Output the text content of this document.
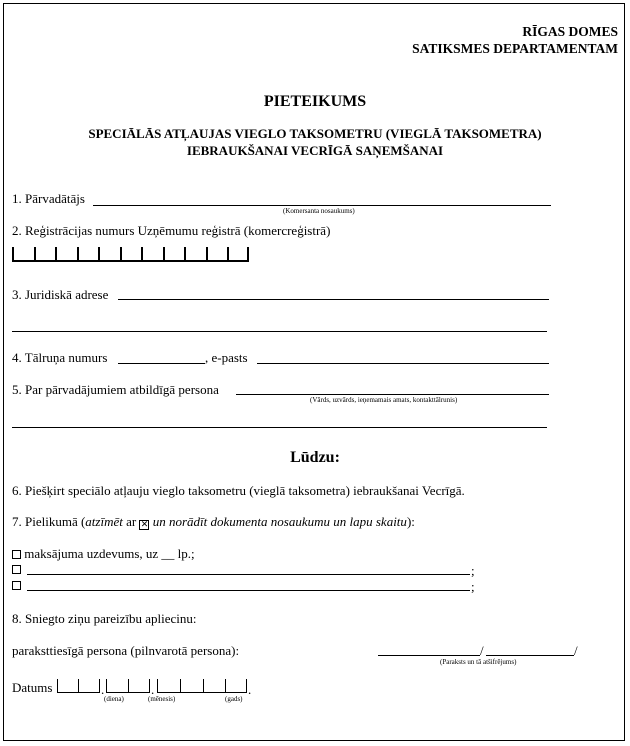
RĪGAS DOMES
SATIKSMES DEPARTAMENTAM
PIETEIKUMS
SPECIĀLĀS ATĻAUJAS VIEGLO TAKSOMETRU (VIEGLĀ TAKSOMETRA)
IEBRAUKŠANAI VECRĪGĀ SAŅEMŠANAI
1. Pārvadātājs
(Komersanta nosaukums)
2. Reģistrācijas numurs Uzņēmumu reģistrā (komercreģistrā)
3. Juridiskā adrese
4. Tālruņa numurs	, e-pasts
5. Par pārvadājumiem atbildīgā persona
(Vārds, uzvārds, ieņemamais amats, kontakttālrunis)
Lūdzu:
6. Piešķirt speciālo atļauju vieglo taksometru (vieglā taksometra) iebraukšanai Vecrīgā.
7. Pielikumā (atzīmēt ar ✕ un norādīt dokumenta nosaukumu un lapu skaitu):
maksājuma uzdevums, uz __ lp.;
;
;
8. Sniegto ziņu pareizību apliecinu:
paraksttiesīgā persona (pilnvarotā persona):	/	/
(Paraksts un tā atšifrējums)
Datums	.	.	.
(diena)	(mēnesis)	(gads)
